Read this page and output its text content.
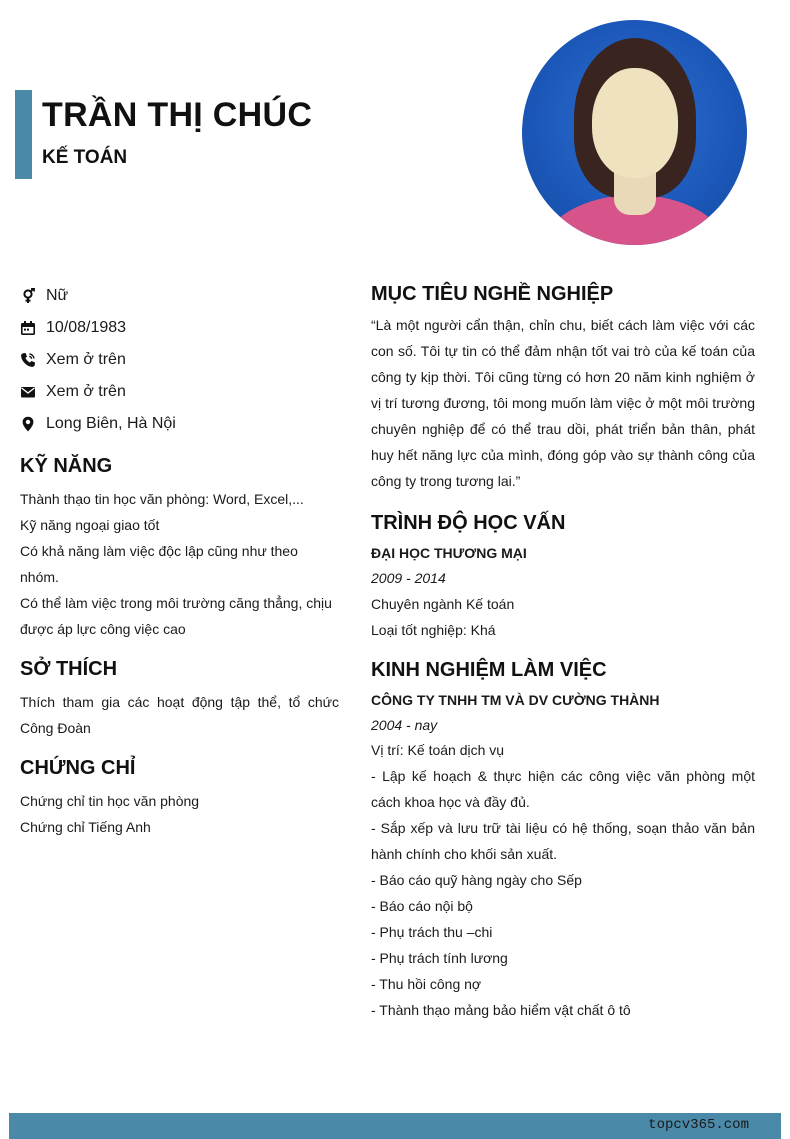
TRẦN THỊ CHÚC
KẾ TOÁN
Nữ
10/08/1983
Xem ở trên
Xem ở trên
Long Biên, Hà Nội
KỸ NĂNG

Thành thạo tin học văn phòng: Word, Excel,...

Kỹ năng ngoại giao tốt

Có khả năng làm việc độc lập cũng như theo nhóm.

Có thể làm việc trong môi trường căng thẳng, chịu được áp lực công việc cao

SỞ THÍCH

Thích tham gia các hoạt động tập thể, tổ chức Công Đoàn

CHỨNG CHỈ

Chứng chỉ tin học văn phòng

Chứng chỉ Tiếng Anh

MỤC TIÊU NGHỀ NGHIỆP

“Là một người cẩn thận, chỉn chu, biết cách làm việc với các con số. Tôi tự tin có thể đảm nhận tốt vai trò của kế toán của công ty kịp thời. Tôi cũng từng có hơn 20 năm kinh nghiệm ở vị trí tương đương, tôi mong muốn làm việc ở một môi trường chuyên nghiệp để có thể trau dồi, phát triển bản thân, phát huy hết năng lực của mình, đóng góp vào sự thành công của công ty trong tương lai.”

TRÌNH ĐỘ HỌC VẤN

ĐẠI HỌC THƯƠNG MẠI

2009 - 2014

Chuyên ngành Kế toán

Loại tốt nghiệp: Khá

KINH NGHIỆM LÀM VIỆC

CÔNG TY TNHH TM VÀ DV CƯỜNG THÀNH

2004 - nay

Vị trí: Kế toán dịch vụ

- Lập kế hoạch & thực hiện các công việc văn phòng một cách khoa học và đầy đủ.

- Sắp xếp và lưu trữ tài liệu có hệ thống, soạn thảo văn bản hành chính cho khối sản xuất.

- Báo cáo quỹ hàng ngày cho Sếp

- Báo cáo nội bộ

- Phụ trách thu –chi

- Phụ trách tính lương

- Thu hồi công nợ

- Thành thạo mảng bảo hiểm vật chất ô tô

topcv365.com
